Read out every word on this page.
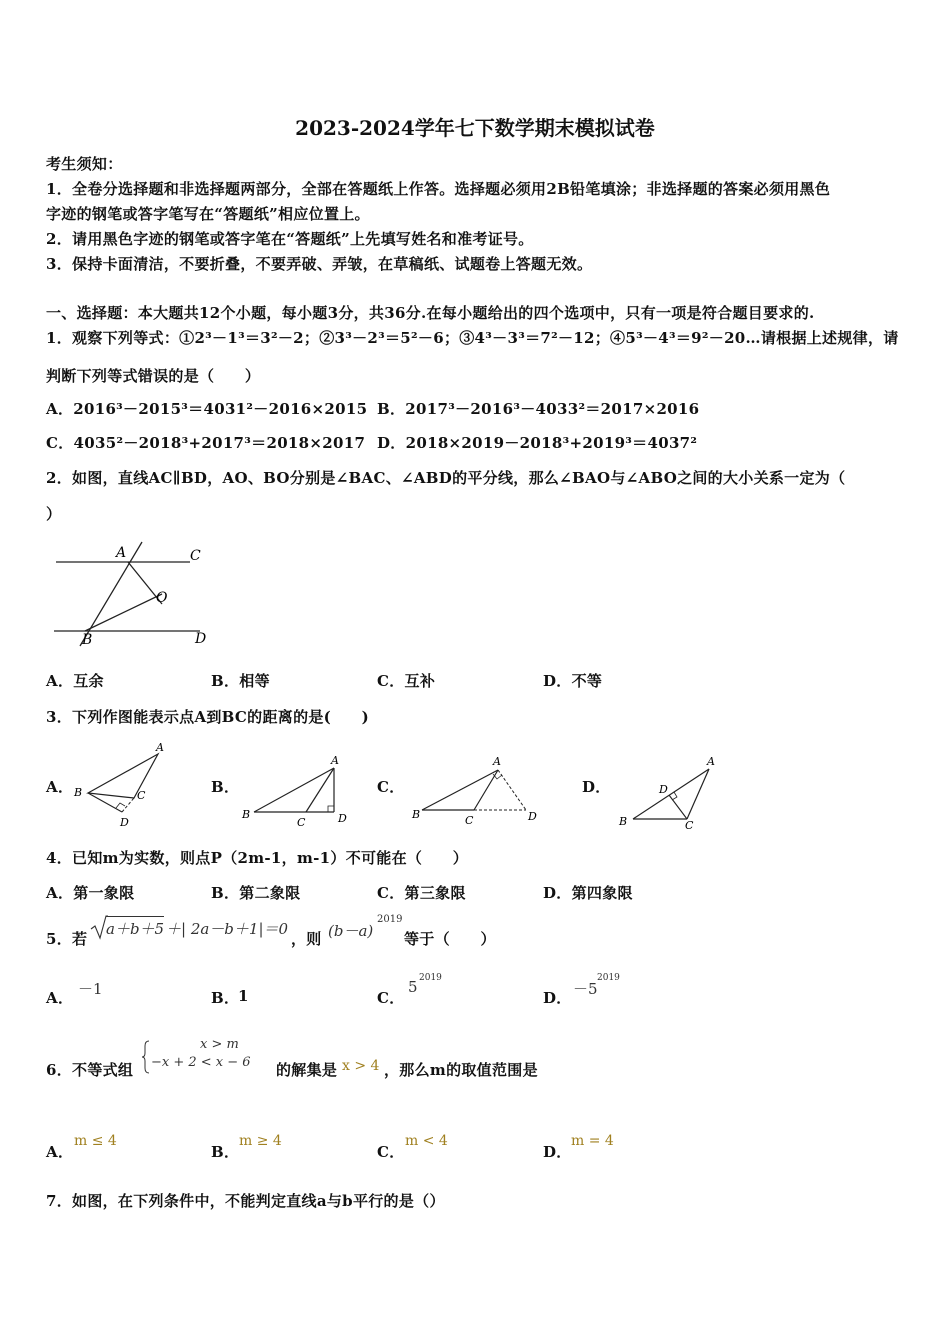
2023-2024学年七下数学期末模拟试卷
考生须知：
1．全卷分选择题和非选择题两部分，全部在答题纸上作答。选择题必须用2B铅笔填涂；非选择题的答案必须用黑色
字迹的钢笔或答字笔写在“答题纸”相应位置上。
2．请用黑色字迹的钢笔或答字笔在“答题纸”上先填写姓名和准考证号。
3．保持卡面清洁，不要折叠，不要弄破、弄皱，在草稿纸、试题卷上答题无效。
一、选择题：本大题共12个小题，每小题3分，共36分.在每小题给出的四个选项中，只有一项是符合题目要求的.
1．观察下列等式：①2³－1³＝3²－2；②3³－2³＝5²－6；③4³－3³＝7²－12；④5³－4³＝9²－20…请根据上述规律，请
判断下列等式错误的是（　　）
A．2016³－2015³＝4031²－2016×2015 B．2017³－2016³－4033²＝2017×2016
C．4035²－2018³+2017³＝2018×2017 D．2018×2019－2018³+2019³＝4037²
2．如图，直线AC∥BD，AO、BO分别是∠BAC、∠ABD的平分线，那么∠BAO与∠ABO之间的大小关系一定为（
）
A	C
O
B	D
A．互余	B．相等	C．互补	D．不等
3．下列作图能表示点A到BC的距离的是(　　)
A．
A
B	C
D
B．
A
B
C	D
C．
A
B	C	D
D．
A
D
B	C
4．已知m为实数，则点P（2m-1，m-1）不可能在（　　）
A．第一象限	B．第二象限	C．第三象限	D．第四象限
5．若
a＋b＋5 ＋| 2a－b＋1|＝0
，则 (b－a)
2019
等于（　　）
A． －1	B．
1	C．
5 2019
D． －5
2019
6．不等式组
x > m
−x + 2 < x − 6 的解集是 x > 4 ，那么m的取值范围是
A．
m ≤ 4
B．
m ≥ 4
C．
m < 4
D．
m = 4
7．如图，在下列条件中，不能判定直线a与b平行的是（）
